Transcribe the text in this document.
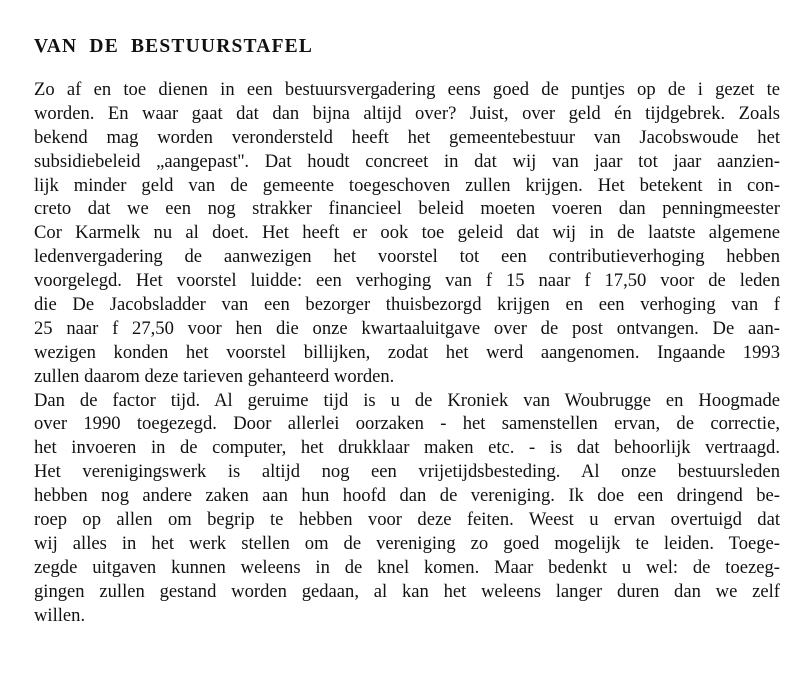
VAN DE BESTUURSTAFEL
Zo af en toe dienen in een bestuursvergadering eens goed de puntjes op de i gezet te
worden. En waar gaat dat dan bijna altijd over? Juist, over geld én tijdgebrek. Zoals
bekend mag worden verondersteld heeft het gemeentebestuur van Jacobswoude het
subsidiebeleid „aangepast''. Dat houdt concreet in dat wij van jaar tot jaar aanzien-
lijk minder geld van de gemeente toegeschoven zullen krijgen. Het betekent in con-
creto dat we een nog strakker financieel beleid moeten voeren dan penningmeester
Cor Karmelk nu al doet. Het heeft er ook toe geleid dat wij in de laatste algemene
ledenvergadering de aanwezigen het voorstel tot een contributieverhoging hebben
voorgelegd. Het voorstel luidde: een verhoging van f 15 naar f 17,50 voor de leden
die De Jacobsladder van een bezorger thuisbezorgd krijgen en een verhoging van f
25 naar f 27,50 voor hen die onze kwartaaluitgave over de post ontvangen. De aan-
wezigen konden het voorstel billijken, zodat het werd aangenomen. Ingaande 1993
zullen daarom deze tarieven gehanteerd worden.
Dan de factor tijd. Al geruime tijd is u de Kroniek van Woubrugge en Hoogmade
over 1990 toegezegd. Door allerlei oorzaken - het samenstellen ervan, de correctie,
het invoeren in de computer, het drukklaar maken etc. - is dat behoorlijk vertraagd.
Het verenigingswerk is altijd nog een vrijetijdsbesteding. Al onze bestuursleden
hebben nog andere zaken aan hun hoofd dan de vereniging. Ik doe een dringend be-
roep op allen om begrip te hebben voor deze feiten. Weest u ervan overtuigd dat
wij alles in het werk stellen om de vereniging zo goed mogelijk te leiden. Toege-
zegde uitgaven kunnen weleens in de knel komen. Maar bedenkt u wel: de toezeg-
gingen zullen gestand worden gedaan, al kan het weleens langer duren dan we zelf
willen.
